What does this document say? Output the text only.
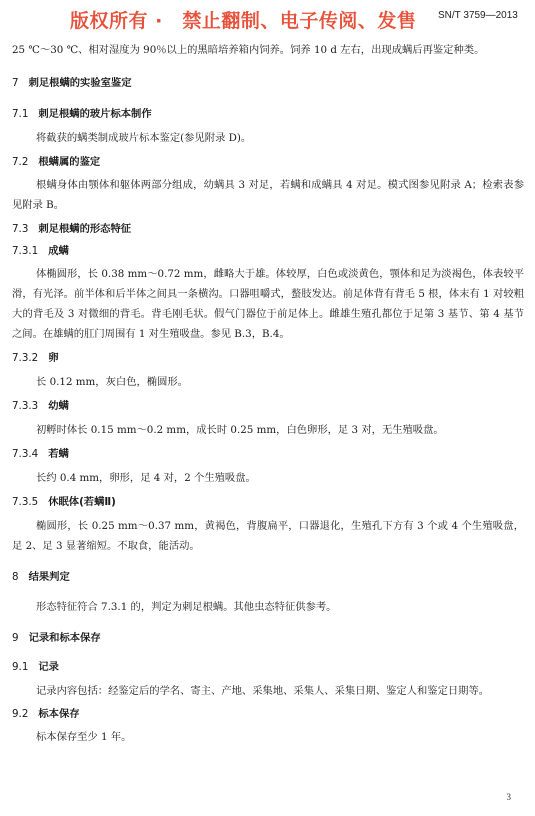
版权所有 ·　禁止翻制、电子传阅、发售 SN/T 3759—2013

25 ℃～30 ℃、相对湿度为 90％以上的黑暗培养箱内饲养。饲养 10 d 左右，出现成螨后再鉴定种类。

7 刺足根螨的实验室鉴定
7.1 刺足根螨的玻片标本制作

将截获的螨类制成玻片标本鉴定(参见附录 D)。

7.2 根螨属的鉴定

根螨身体由颚体和躯体两部分组成，幼螨具 3 对足，若螨和成螨具 4 对足。模式图参见附录 A；检索表参见附录 B。

7.3 刺足根螨的形态特征
7.3.1 成螨

体椭圆形，长 0.38 mm～0.72 mm，雌略大于雄。体较厚，白色或淡黄色，颚体和足为淡褐色，体表较平滑，有光泽。前半体和后半体之间具一条横沟。口器咀嚼式，螯肢发达。前足体背有背毛 5 根，体末有 1 对较粗大的背毛及 3 对微细的背毛。背毛刚毛状。假气门器位于前足体上。雌雄生殖孔都位于足第 3 基节、第 4 基节之间。在雄螨的肛门周围有 1 对生殖吸盘。参见 B.3，B.4。

7.3.2 卵

长 0.12 mm，灰白色，椭圆形。

7.3.3 幼螨

初孵时体长 0.15 mm～0.2 mm，成长时 0.25 mm，白色卵形，足 3 对，无生殖吸盘。

7.3.4 若螨

长约 0.4 mm，卵形，足 4 对，2 个生殖吸盘。

7.3.5 休眠体(若螨Ⅱ)

椭圆形，长 0.25 mm～0.37 mm，黄褐色，背腹扁平，口器退化，生殖孔下方有 3 个或 4 个生殖吸盘，足 2、足 3 显著缩短。不取食，能活动。

8 结果判定

形态特征符合 7.3.1 的，判定为刺足根螨。其他虫态特征供参考。

9 记录和标本保存
9.1 记录

记录内容包括：经鉴定后的学名、寄主、产地、采集地、采集人、采集日期、鉴定人和鉴定日期等。

9.2 标本保存

标本保存至少 1 年。

3
